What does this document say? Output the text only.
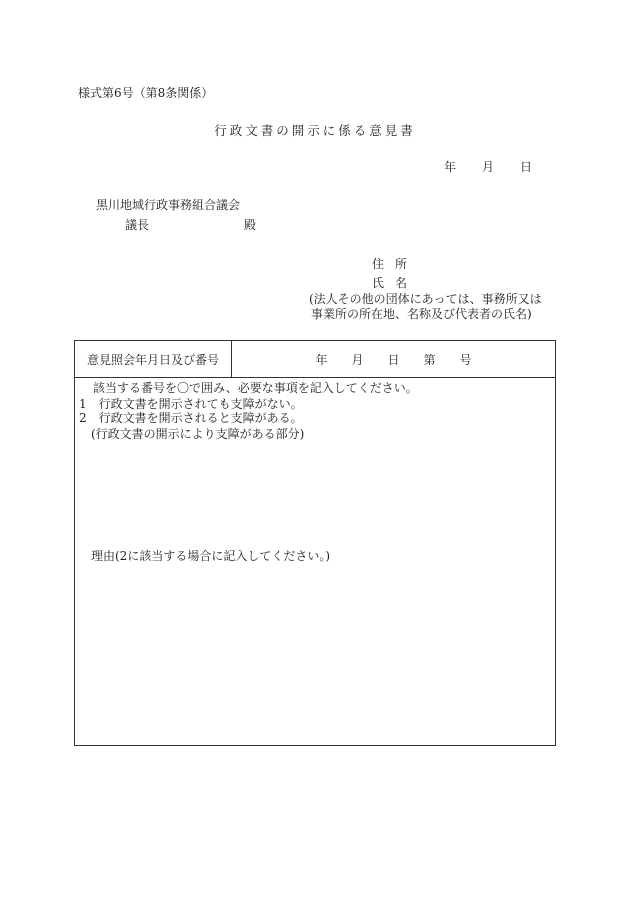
様式第6号（第8条関係）
行政文書の開示に係る意見書
年 月 日
黒川地域行政事務組合議会
議長	殿
住所
氏名
(法人その他の団体にあっては、事務所又は
事業所の所在地、名称及び代表者の氏名)
意見照会年月日及び番号	年 月 日 第 号
該当する番号を〇で囲み、必要な事項を記入してください。
1　行政文書を開示されても支障がない。
2　行政文書を開示されると支障がある。
(行政文書の開示により支障がある部分)
理由(2に該当する場合に記入してください。)
